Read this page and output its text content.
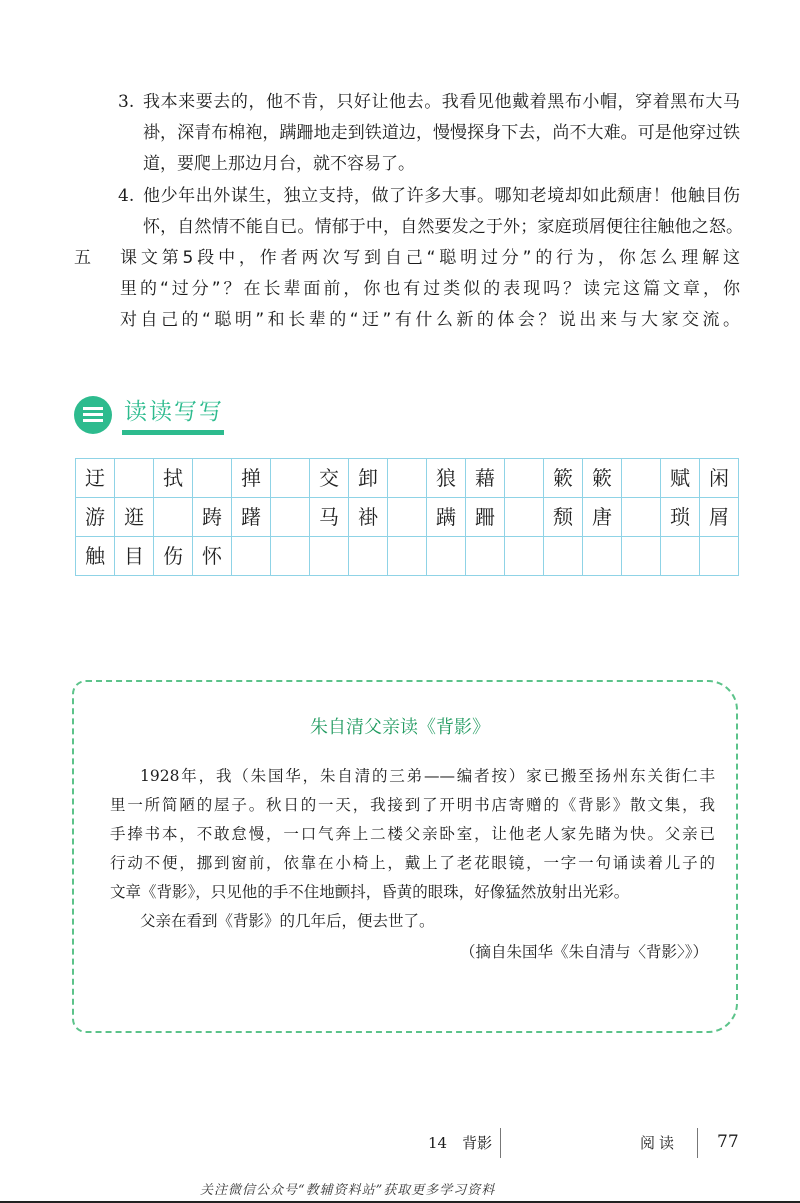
3. 我本来要去的，他不肯，只好让他去。我看见他戴着黑布小帽，穿着黑布大马
褂，深青布棉袍，蹒跚地走到铁道边，慢慢探身下去，尚不大难。可是他穿过铁
道，要爬上那边月台，就不容易了。
4. 他少年出外谋生，独立支持，做了许多大事。哪知老境却如此颓唐！他触目伤
怀，自然情不能自已。情郁于中，自然要发之于外；家庭琐屑便往往触他之怒。
五	课文第5段中，作者两次写到自己“聪明过分”的行为，你怎么理解这
里的“过分”？在长辈面前，你也有过类似的表现吗？读完这篇文章，你
对自己的“聪明”和长辈的“迂”有什么新的体会？说出来与大家交流。
读读写写
迂		拭		掸		交	卸		狼	藉		簌	簌		赋	闲
游	逛		踌	躇		马	褂		蹒	跚		颓	唐		琐	屑
触	目	伤	怀													
朱自清父亲读《背影》
1928年，我（朱国华，朱自清的三弟——编者按）家已搬至扬州东关街仁丰
里一所简陋的屋子。秋日的一天，我接到了开明书店寄赠的《背影》散文集，我
手捧书本，不敢怠慢，一口气奔上二楼父亲卧室，让他老人家先睹为快。父亲已
行动不便，挪到窗前，依靠在小椅上，戴上了老花眼镜，一字一句诵读着儿子的
文章《背影》，只见他的手不住地颤抖，昏黄的眼珠，好像猛然放射出光彩。
父亲在看到《背影》的几年后，便去世了。
（摘自朱国华《朱自清与〈背影〉》）
14　背影	阅读 77
关注微信公众号“教辅资料站”获取更多学习资料
